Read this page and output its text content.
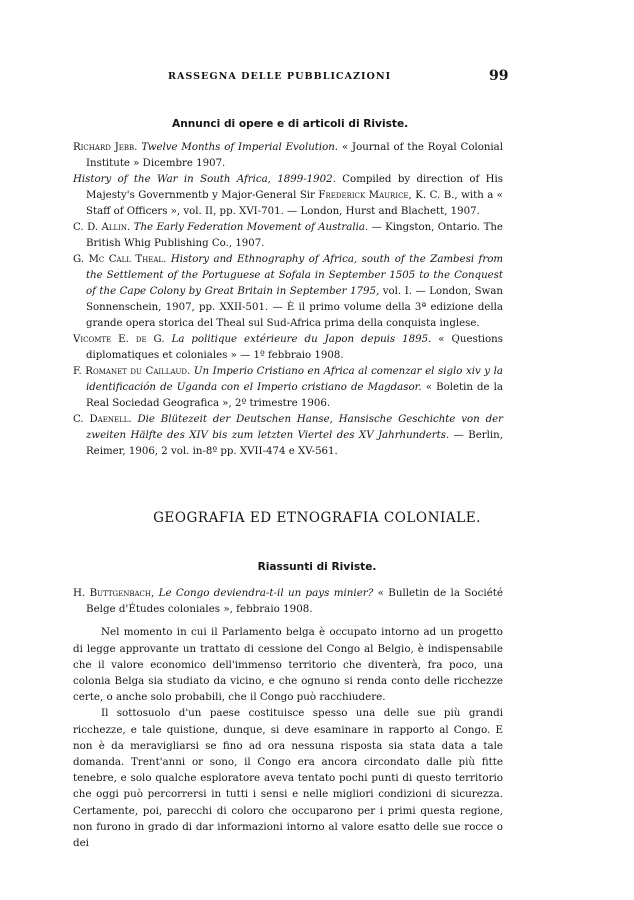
RASSEGNA DELLE PUBBLICAZIONI	99
Annunci di opere e di articoli di Riviste.

Richard Jebb. Twelve Months of Imperial Evolution. « Journal of the Royal Colonial Institute » Dicembre 1907.

History of the War in South Africa, 1899-1902. Compiled by direction of His Majesty's Governmentb y Major-General Sir Frederick Maurice, K. C. B., with a « Staff of Officers », vol. II, pp. XVI-701. — London, Hurst and Blachett, 1907.

C. D. Allin. The Early Federation Movement of Australia. — Kingston, Ontario. The British Whig Publishing Co., 1907.

G. Mc Call Theal. History and Ethnography of Africa, south of the Zambesi from the Settlement of the Portuguese at Sofala in September 1505 to the Conquest of the Cape Colony by Great Britain in September 1795, vol. I. — London, Swan Sonnenschein, 1907, pp. XXII-501. — È il primo volume della 3ª edizione della grande opera storica del Theal sul Sud-Africa prima della conquista inglese.

Vicomte E. de G. La politique extérieure du Japon depuis 1895. « Questions diplomatiques et coloniales » — 1º febbraio 1908.

F. Romanet du Caillaud. Un Imperio Cristiano en Africa al comenzar el siglo xiv y la identificación de Uganda con el Imperio cristiano de Magdasor. « Boletin de la Real Sociedad Geografica », 2º trimestre 1906.

C. Daenell. Die Blütezeit der Deutschen Hanse, Hansische Geschichte von der zweiten Hälfte des XIV bis zum letzten Viertel des XV Jahrhunderts. — Berlin, Reimer, 1906, 2 vol. in-8º pp. XVII-474 e XV-561.

GEOGRAFIA ED ETNOGRAFIA COLONIALE.
Riassunti di Riviste.

H. Buttgenbach, Le Congo deviendra-t-il un pays minier? « Bulletin de la Société Belge d'Études coloniales », febbraio 1908.

Nel momento in cui il Parlamento belga è occupato intorno ad un progetto di legge approvante un trattato di cessione del Congo al Belgio, è indispensabile che il valore economico dell'immenso territorio che diventerà, fra poco, una colonia Belga sia studiato da vicino, e che ognuno si renda conto delle ricchezze certe, o anche solo probabili, che il Congo può racchiudere.

Il sottosuolo d'un paese costituisce spesso una delle sue più grandi ricchezze, e tale quistione, dunque, si deve esaminare in rapporto al Congo. E non è da meravigliarsi se fino ad ora nessuna risposta sia stata data a tale domanda. Trent'anni or sono, il Congo era ancora circondato dalle più fitte tenebre, e solo qualche esploratore aveva tentato pochi punti di questo territorio che oggi può percorrersi in tutti i sensi e nelle migliori condizioni di sicurezza. Certamente, poi, parecchi di coloro che occuparono per i primi questa regione, non furono in grado di dar informazioni intorno al valore esatto delle sue rocce o dei
